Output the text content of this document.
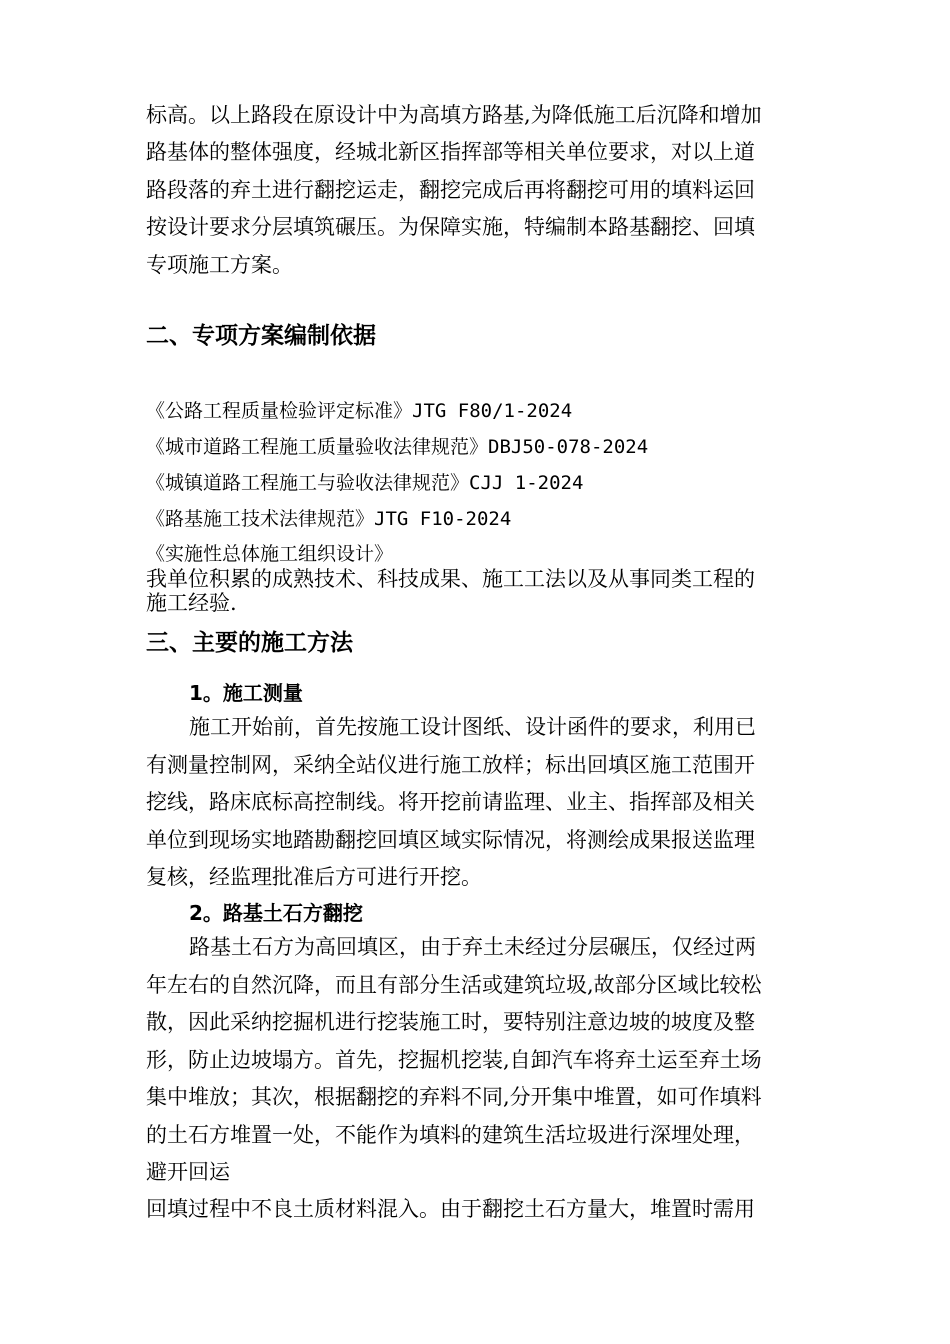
标高。以上路段在原设计中为高填方路基,为降低施工后沉降和增加

路基体的整体强度，经城北新区指挥部等相关单位要求，对以上道

路段落的弃土进行翻挖运走，翻挖完成后再将翻挖可用的填料运回

按设计要求分层填筑碾压。为保障实施，特编制本路基翻挖、回填

专项施工方案。

二、专项方案编制依据

《公路工程质量检验评定标准》JTG F80/1-2024

《城市道路工程施工质量验收法律规范》DBJ50-078-2024

《城镇道路工程施工与验收法律规范》CJJ 1-2024

《路基施工技术法律规范》JTG F10-2024

《实施性总体施工组织设计》

我单位积累的成熟技术、科技成果、施工工法以及从事同类工程的

施工经验.

三、主要的施工方法
1。施工测量

施工开始前，首先按施工设计图纸、设计函件的要求，利用已

有测量控制网，采纳全站仪进行施工放样；标出回填区施工范围开

挖线，路床底标高控制线。将开挖前请监理、业主、指挥部及相关

单位到现场实地踏勘翻挖回填区域实际情况，将测绘成果报送监理

复核，经监理批准后方可进行开挖。

2。路基土石方翻挖

路基土石方为高回填区，由于弃土未经过分层碾压，仅经过两

年左右的自然沉降，而且有部分生活或建筑垃圾,故部分区域比较松

散，因此采纳挖掘机进行挖装施工时，要特别注意边坡的坡度及整

形，防止边坡塌方。首先，挖掘机挖装,自卸汽车将弃土运至弃土场

集中堆放；其次，根据翻挖的弃料不同,分开集中堆置，如可作填料

的土石方堆置一处，不能作为填料的建筑生活垃圾进行深埋处理，

避开回运

回填过程中不良土质材料混入。由于翻挖土石方量大，堆置时需用
